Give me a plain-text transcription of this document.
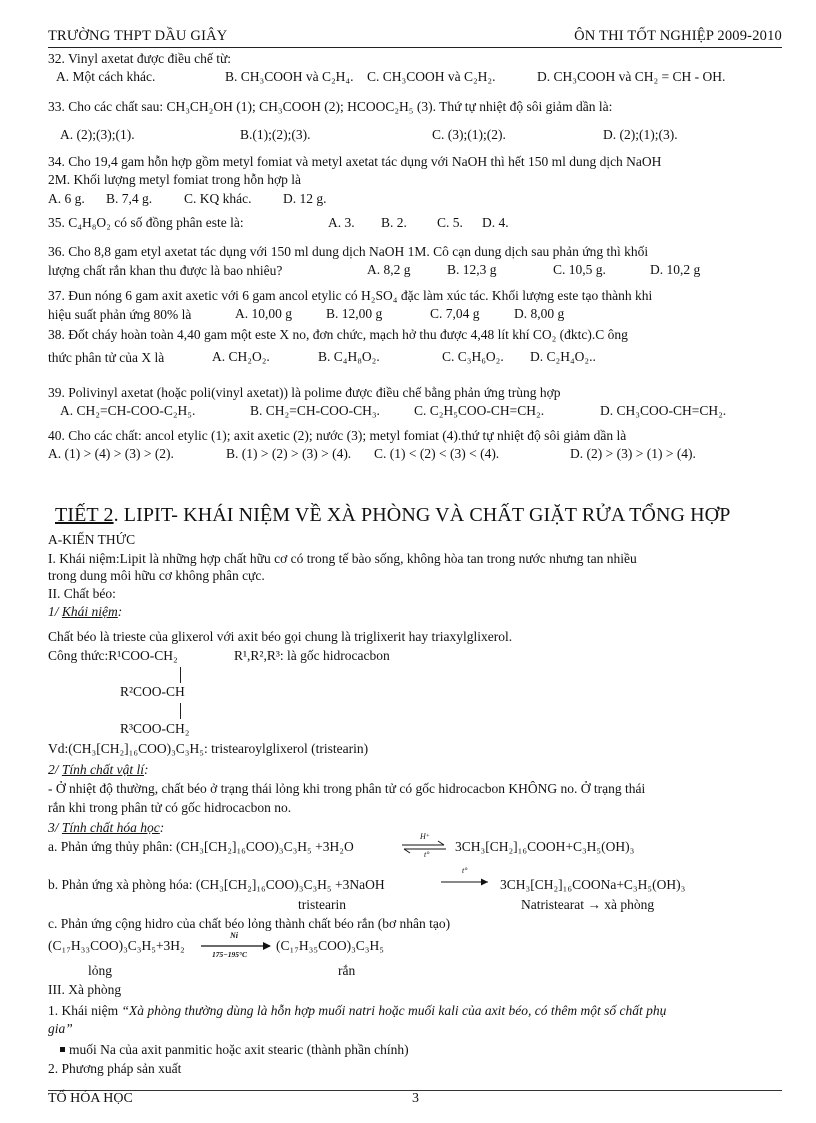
TRƯỜNG THPT DẦU GIÂY	ÔN THI TỐT NGHIỆP 2009-2010
32. Vinyl axetat được điều chế từ:
A. Một cách khác.	B. CH₃COOH và C₂H₄. C. CH₃COOH và C₂H₂.	D. CH₃COOH và CH₂ = CH - OH.
33. Cho các chất sau: CH₃CH₂OH (1); CH₃COOH (2); HCOOC₂H₅ (3). Thứ tự nhiệt độ sôi giảm dần là:
A. (2);(3);(1).	B.(1);(2);(3).	C. (3);(1);(2).	D. (2);(1);(3).
34. Cho 19,4 gam hỗn hợp gồm metyl fomiat và metyl axetat tác dụng với NaOH thì hết 150 ml dung dịch NaOH
2M. Khối lượng metyl fomiat trong hỗn hợp là
A. 6 g. B. 7,4 g. C. KQ khác. D. 12 g.
35. C₄H₈O₂ có số đồng phân este là:	A. 3. B. 2. C. 5. D. 4.
36. Cho 8,8 gam etyl axetat tác dụng với 150 ml dung dịch NaOH 1M. Cô cạn dung dịch sau phản ứng thì khối
lượng chất rắn khan thu được là bao nhiêu?	A. 8,2 g	B. 12,3 g	C. 10,5 g.	D. 10,2 g
37. Đun nóng 6 gam axit axetic với 6 gam ancol etylic có H₂SO₄ đặc làm xúc tác. Khối lượng este tạo thành khi
hiệu suất phản ứng 80% là	A. 10,00 g	B. 12,00 g	C. 7,04 g	D. 8,00 g
38. Đốt cháy hoàn toàn 4,40 gam một este X no, đơn chức, mạch hở thu được 4,48 lít khí CO₂ (đktc).C ông
thức phân tử của X là	A. CH₂O₂.	B. C₄H₈O₂.	C. C₃H₆O₂. D. C₂H₄O₂..
39. Polivinyl axetat (hoặc poli(vinyl axetat)) là polime được điều chế bằng phản ứng trùng hợp
A. CH₂=CH-COO-C₂H₅.	B. CH₂=CH-COO-CH₃.	C. C₂H₅COO-CH=CH₂.	D. CH₃COO-CH=CH₂.
40. Cho các chất: ancol etylic (1); axit axetic (2); nước (3); metyl fomiat (4).thứ tự nhiệt độ sôi giảm dần là
A. (1) > (4) > (3) > (2).	B. (1) > (2) > (3) > (4). C. (1) < (2) < (3) < (4).	D. (2) > (3) > (1) > (4).
TIẾT 2. LIPIT- KHÁI NIỆM VỀ XÀ PHÒNG VÀ CHẤT GIẶT RỬA TỔNG HỢP
A-KIẾN THỨC
I. Khái niệm:Lipit là những hợp chất hữu cơ có trong tế bào sống, không hòa tan trong nước nhưng tan nhiều
trong dung môi hữu cơ không phân cực.
II. Chất béo:
1/ Khái niệm:
Chất béo là trieste của glixerol với axit béo gọi chung là triglixerit hay triaxylglixerol.
Công thức:R¹COO-CH₂	R¹,R²,R³: là gốc hidrocacbon
R²COO-CH
R³COO-CH₂
Vd:(CH₃[CH₂]₁₆COO)₃C₃H₅: tristearoylglixerol (tristearin)
2/ Tính chất vật lí:
- Ở nhiệt độ thường, chất béo ở trạng thái lỏng khi trong phân tử có gốc hidrocacbon KHÔNG no. Ở trạng thái
rắn khi trong phân tử có gốc hidrocacbon no.
3/ Tính chất hóa học:
a. Phản ứng thủy phân: (CH₃[CH₂]₁₆COO)₃C₃H₅ +3H₂O
H⁺
t°
3CH₃[CH₂]₁₆COOH+C₃H₅(OH)₃
b. Phản ứng xà phòng hóa: (CH₃[CH₂]₁₆COO)₃C₃H₅ +3NaOH
t°
3CH₃[CH₂]₁₆COONa+C₃H₅(OH)₃
tristearin	Natristearat → xà phòng
c. Phản ứng cộng hidro của chất béo lỏng thành chất béo rắn (bơ nhân tạo)
(C₁₇H₃₃COO)₃C₃H₅+3H₂
Ni
175−195°C
(C₁₇H₃₅COO)₃C₃H₅
lỏng	rắn
III. Xà phòng
1. Khái niệm “Xà phòng thường dùng là hỗn hợp muối natri hoặc muối kali của axit béo, có thêm một số chất phụ
gia”
muối Na của axit panmitic hoặc axit stearic (thành phần chính)
2. Phương pháp sản xuất
TỔ HÓA HỌC	3
